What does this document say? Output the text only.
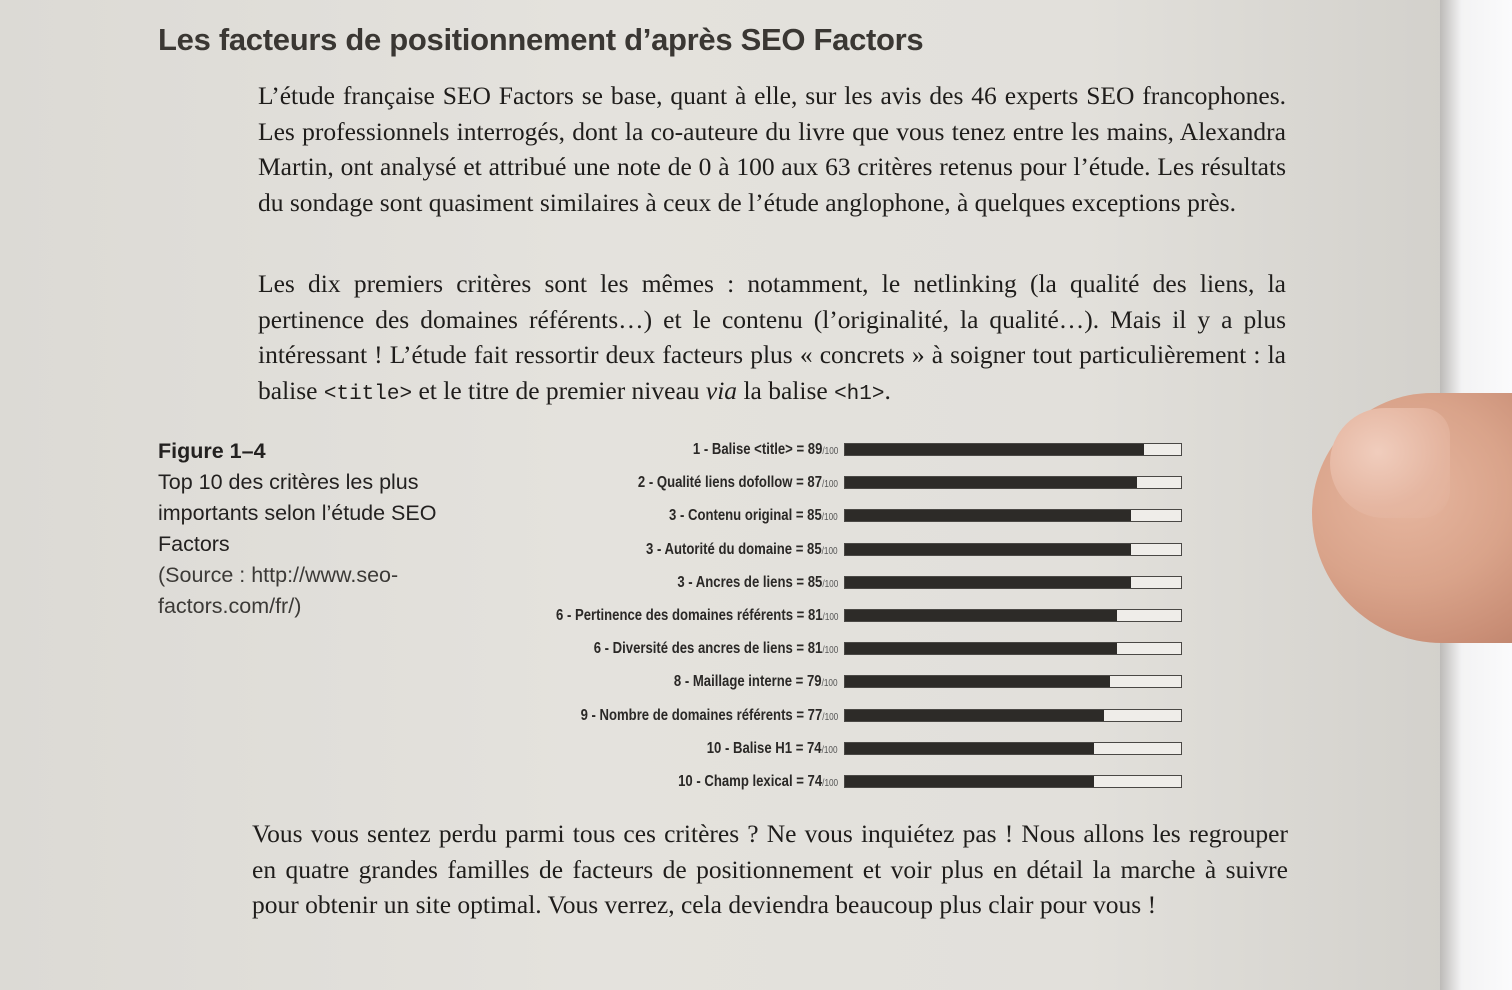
Les facteurs de positionnement d’après SEO Factors

L’étude française SEO Factors se base, quant à elle, sur les avis des 46 experts SEO francophones. Les professionnels interrogés, dont la co-auteure du livre que vous tenez entre les mains, Alexandra Martin, ont analysé et attribué une note de 0 à 100 aux 63 critères retenus pour l’étude. Les résultats du sondage sont quasiment similaires à ceux de l’étude anglophone, à quelques exceptions près.

Les dix premiers critères sont les mêmes : notamment, le netlinking (la qualité des liens, la pertinence des domaines référents…) et le contenu (l’originalité, la qualité…). Mais il y a plus intéressant ! L’étude fait ressortir deux facteurs plus « concrets » à soigner tout particulièrement : la balise <title> et le titre de premier niveau via la balise <h1>.

Figure 1–4
Top 10 des critères les plus importants selon l’étude SEO Factors
(Source : http://www.seo-factors.com/fr/)
1 - Balise <title> = 89/100
2 - Qualité liens dofollow = 87/100
3 - Contenu original = 85/100
3 - Autorité du domaine = 85/100
3 - Ancres de liens = 85/100
6 - Pertinence des domaines référents = 81/100
6 - Diversité des ancres de liens = 81/100
8 - Maillage interne = 79/100
9 - Nombre de domaines référents = 77/100
10 - Balise H1 = 74/100
10 - Champ lexical = 74/100

Vous vous sentez perdu parmi tous ces critères ? Ne vous inquiétez pas ! Nous allons les regrouper en quatre grandes familles de facteurs de positionnement et voir plus en détail la marche à suivre pour obtenir un site optimal. Vous verrez, cela deviendra beaucoup plus clair pour vous !
